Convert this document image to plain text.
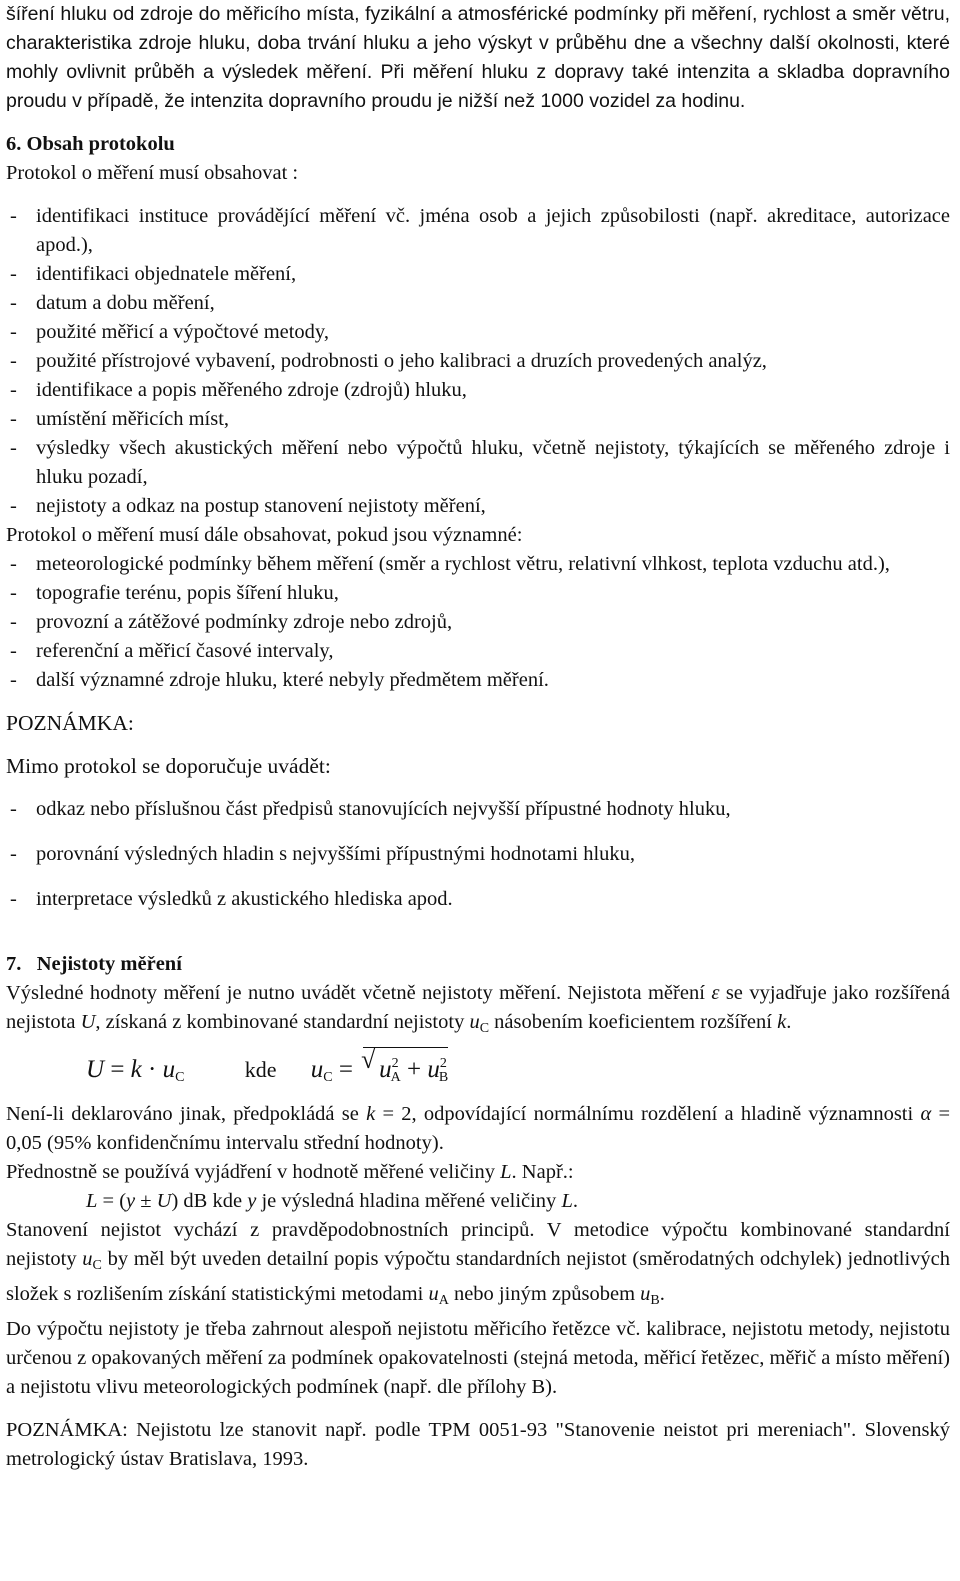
šíření hluku od zdroje do měřicího místa, fyzikální a atmosférické podmínky při měření, rychlost a směr větru, charakteristika zdroje hluku, doba trvání hluku a jeho výskyt v průběhu dne a všechny další okolnosti, které mohly ovlivnit průběh a výsledek měření. Při měření hluku z dopravy také intenzita a skladba dopravního proudu v případě, že intenzita dopravního proudu je nižší než 1000 vozidel za hodinu.

6. Obsah protokolu

Protokol o měření musí obsahovat :

- identifikaci instituce provádějící měření vč. jména osob a jejich způsobilosti (např. akreditace, autorizace apod.),
- identifikaci objednatele měření,
- datum a dobu měření,
- použité měřicí a výpočtové metody,
- použité přístrojové vybavení, podrobnosti o jeho kalibraci a druzích provedených analýz,
- identifikace a popis měřeného zdroje (zdrojů) hluku,
- umístění měřicích míst,
- výsledky všech akustických měření nebo výpočtů hluku, včetně nejistoty, týkajících se měřeného zdroje i hluku pozadí,
- nejistoty a odkaz na postup stanovení nejistoty měření,

Protokol o měření musí dále obsahovat, pokud jsou významné:

- meteorologické podmínky během měření (směr a rychlost větru, relativní vlhkost, teplota vzduchu atd.),
- topografie terénu, popis šíření hluku,
- provozní a zátěžové podmínky zdroje nebo zdrojů,
- referenční a měřicí časové intervaly,
- další významné zdroje hluku, které nebyly předmětem měření.

POZNÁMKA:

Mimo protokol se doporučuje uvádět:

- odkaz nebo příslušnou část předpisů stanovujících nejvyšší přípustné hodnoty hluku,
- porovnání výsledných hladin s nejvyššími přípustnými hodnotami hluku,
- interpretace výsledků z akustického hlediska apod.
7. Nejistoty měření

Výsledné hodnoty měření je nutno uvádět včetně nejistoty měření. Nejistota měření ε se vyjadřuje jako rozšířená nejistota U, získaná z kombinované standardní nejistoty $u_C$ násobením koeficientem rozšíření k.

$U = k \cdot u_C$	kde $u_C$ = √ $u^2_A + u^2_B$

Není-li deklarováno jinak, předpokládá se k = 2, odpovídající normálnímu rozdělení a hladině významnosti α = 0,05 (95% konfidenčnímu intervalu střední hodnoty).

Přednostně se používá vyjádření v hodnotě měřené veličiny L. Např.:

L = (y ± U) dB kde y je výsledná hladina měřené veličiny L.

Stanovení nejistot vychází z pravděpodobnostních principů. V metodice výpočtu kombinované standardní nejistoty $u_C$ by měl být uveden detailní popis výpočtu standardních nejistot (směrodatných odchylek) jednotlivých složek s rozlišením získání statistickými metodami $u_A$ nebo jiným způsobem $u_B$.

Do výpočtu nejistoty je třeba zahrnout alespoň nejistotu měřicího řetězce vč. kalibrace, nejistotu metody, nejistotu určenou z opakovaných měření za podmínek opakovatelnosti (stejná metoda, měřicí řetězec, měřič a místo měření) a nejistotu vlivu meteorologických podmínek (např. dle přílohy B).

POZNÁMKA: Nejistotu lze stanovit např. podle TPM 0051-93 "Stanovenie neistot pri mereniach". Slovenský metrologický ústav Bratislava, 1993.
